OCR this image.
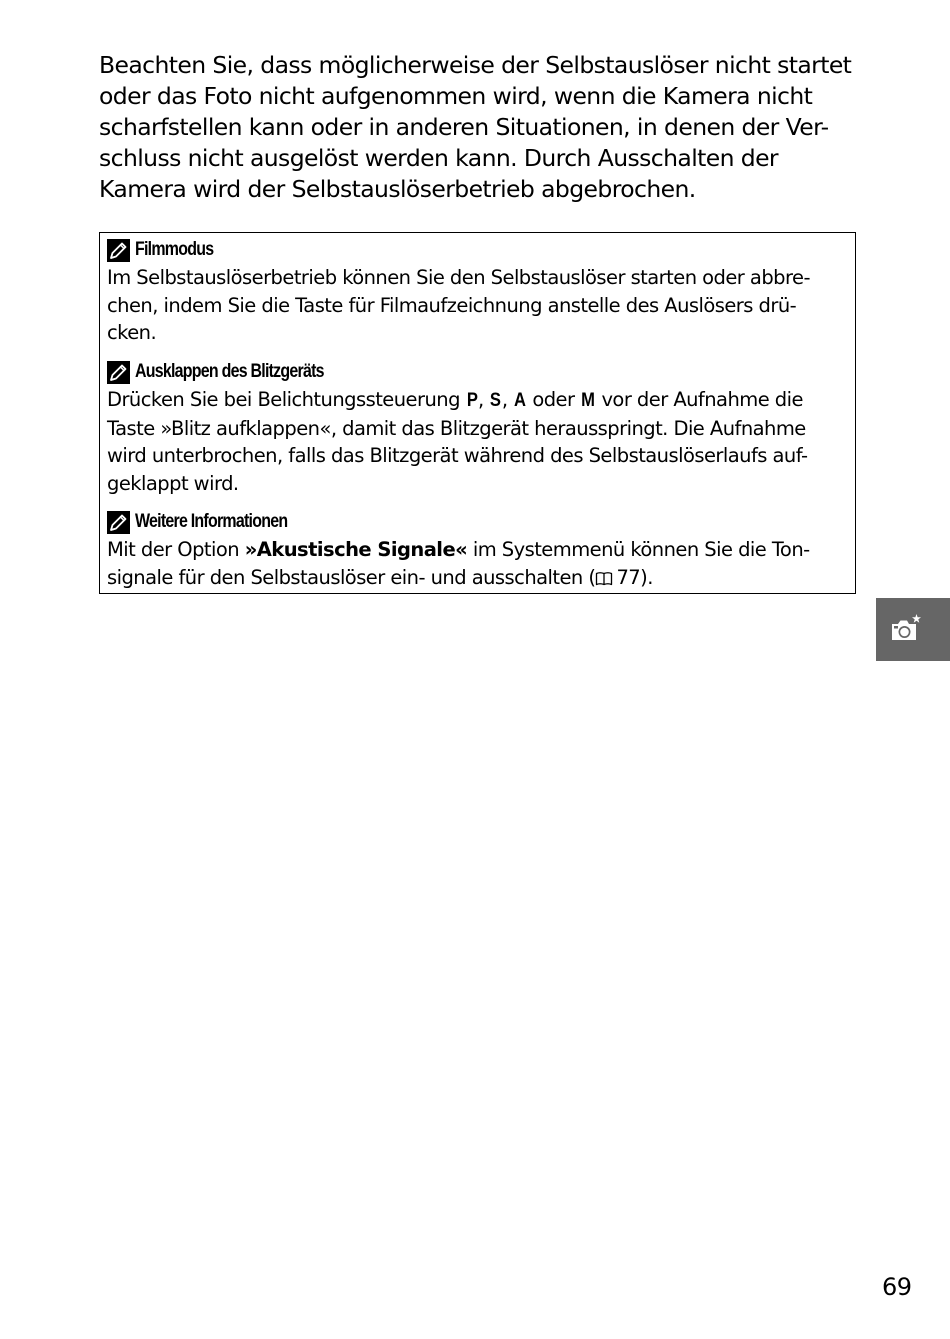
Beachten Sie, dass möglicherweise der Selbstauslöser nicht startet
oder das Foto nicht aufgenommen wird, wenn die Kamera nicht
scharfstellen kann oder in anderen Situationen, in denen der Ver-
schluss nicht ausgelöst werden kann. Durch Ausschalten der
Kamera wird der Selbstauslöserbetrieb abgebrochen.
Filmmodus
Im Selbstauslöserbetrieb können Sie den Selbstauslöser starten oder abbre-
chen, indem Sie die Taste für Filmaufzeichnung anstelle des Auslösers drü-
cken.
Ausklappen des Blitzgeräts
Drücken Sie bei Belichtungssteuerung P, S, A oder M vor der Aufnahme die
Taste »Blitz aufklappen«, damit das Blitzgerät herausspringt. Die Aufnahme
wird unterbrochen, falls das Blitzgerät während des Selbstauslöserlaufs auf-
geklappt wird.
Weitere Informationen
Mit der Option »Akustische Signale« im Systemmenü können Sie die Ton-
signale für den Selbstauslöser ein- und ausschalten ( 77).
69
